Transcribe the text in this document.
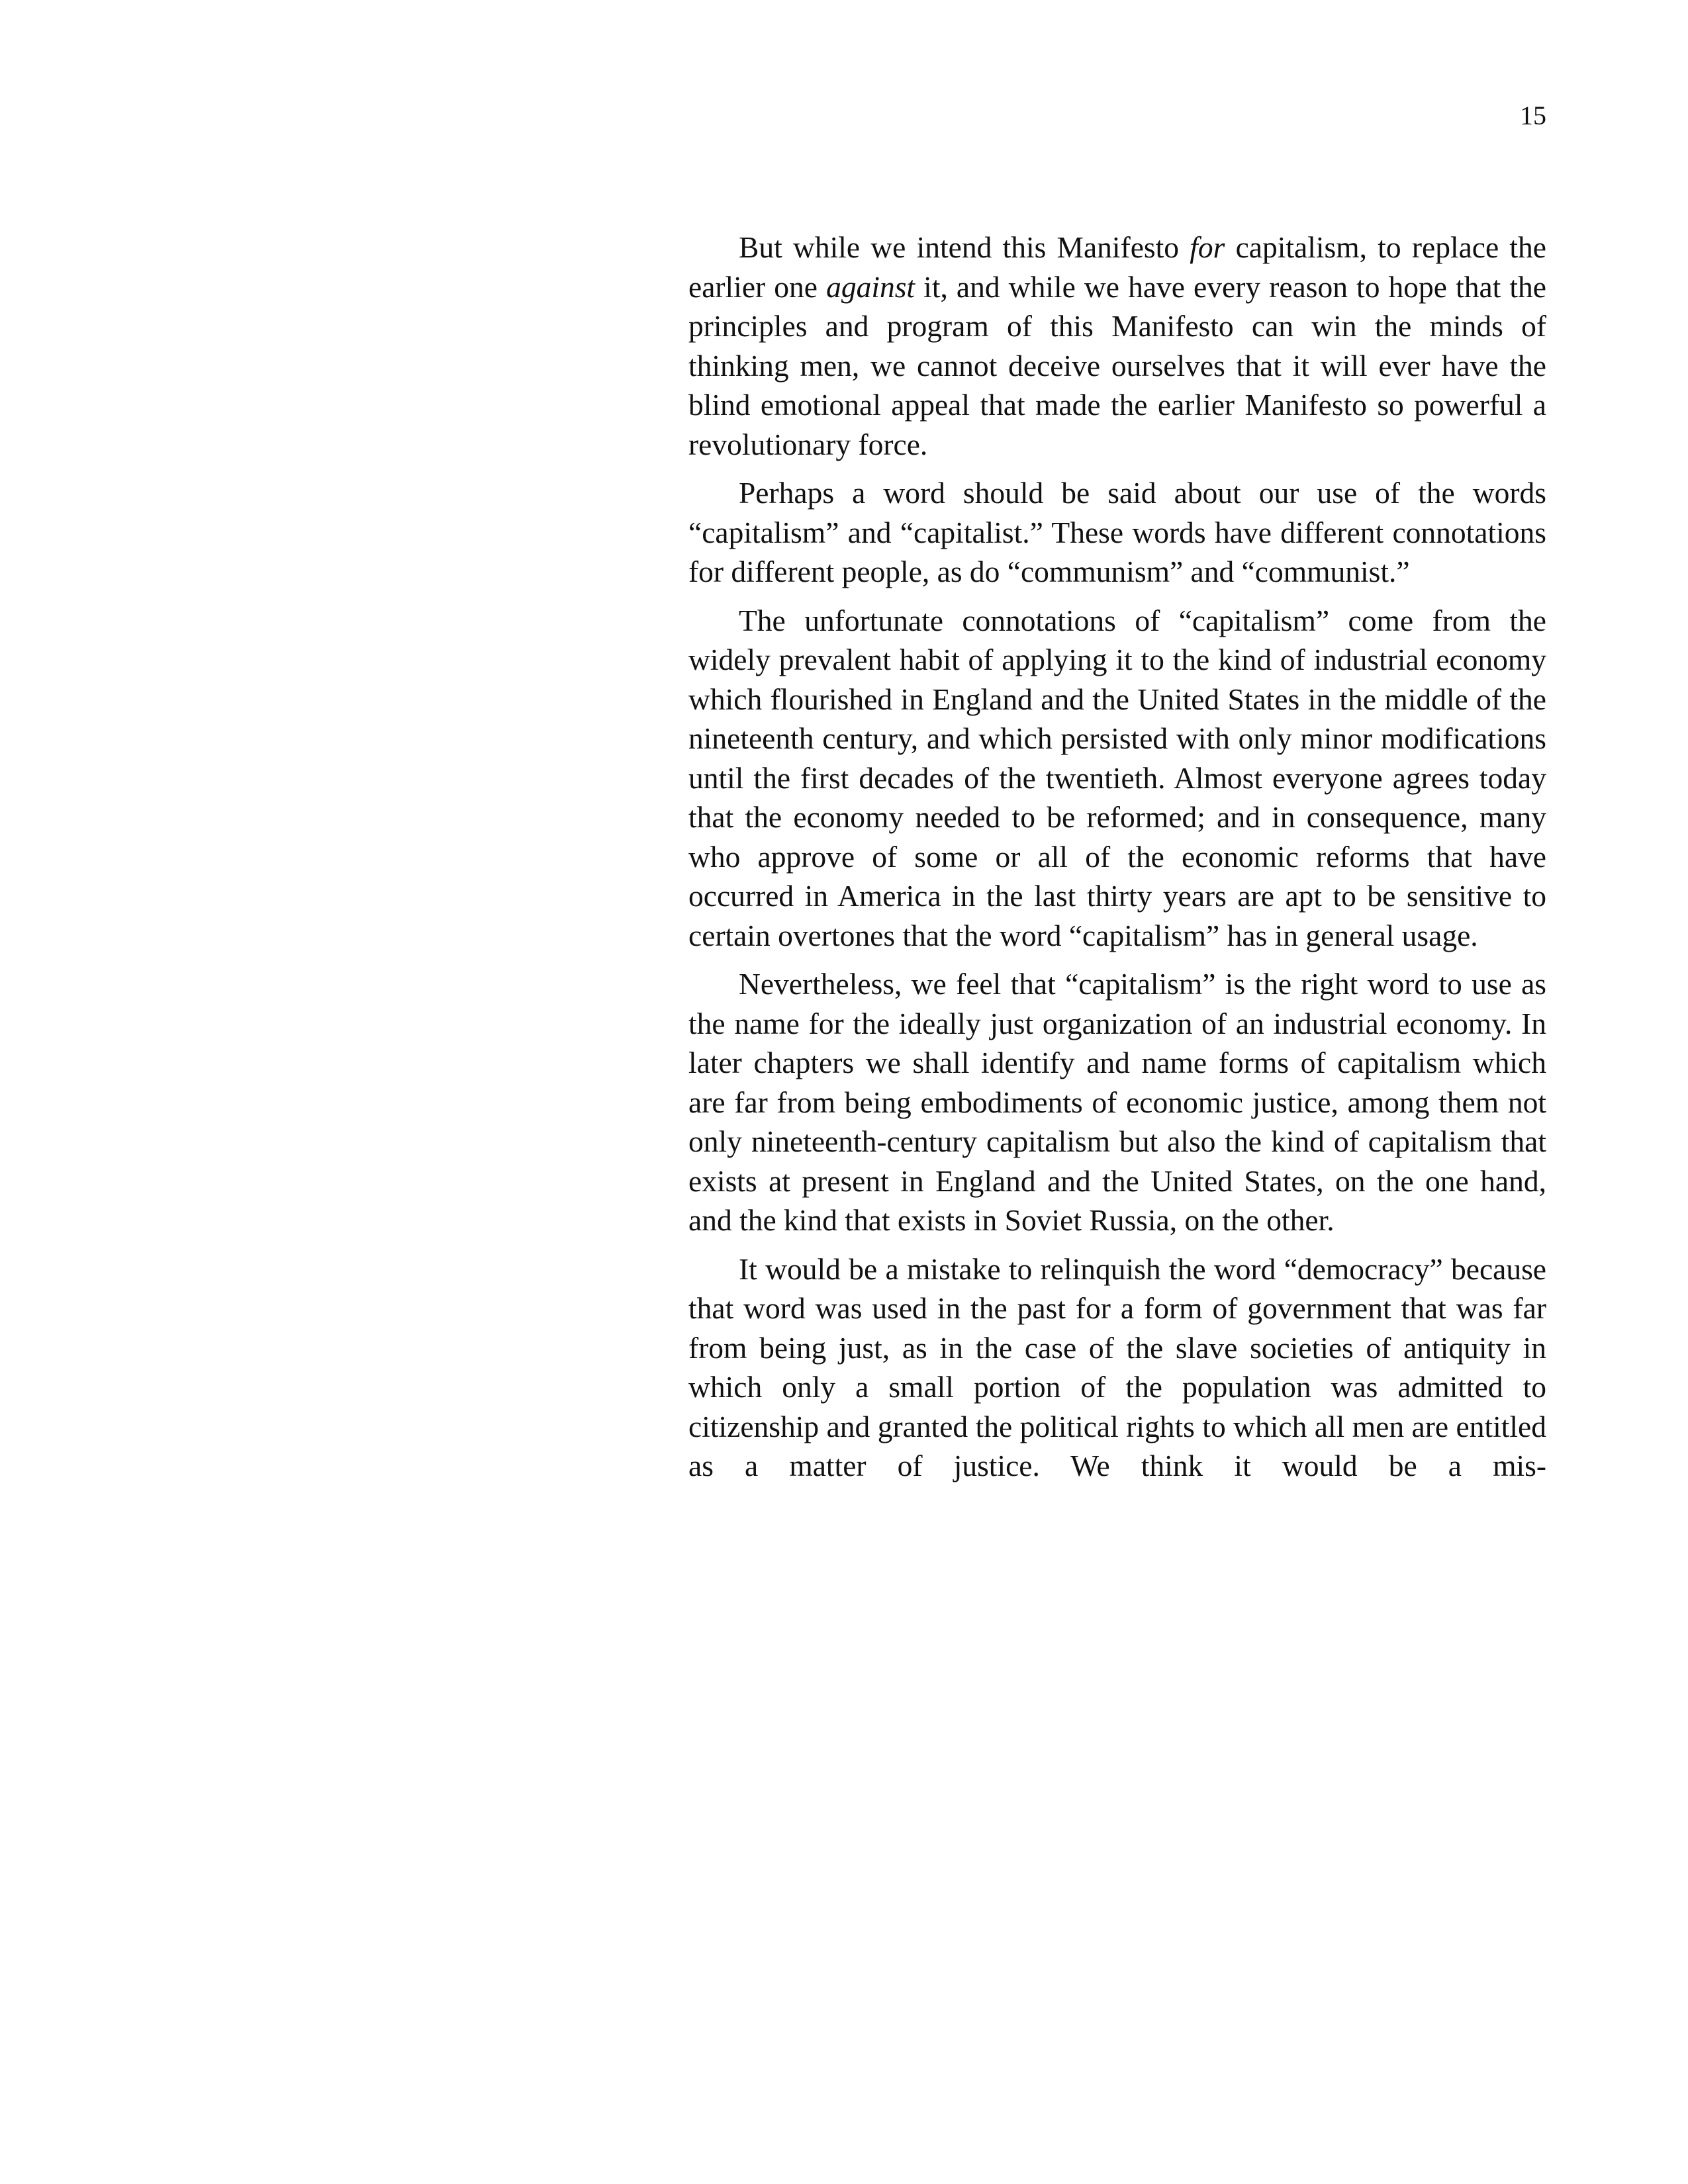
15

But while we intend this Manifesto for capitalism, to replace the earlier one against it, and while we have every reason to hope that the principles and program of this Manifesto can win the minds of thinking men, we cannot deceive ourselves that it will ever have the blind emotional appeal that made the earlier Manifesto so powerful a revolutionary force.

Perhaps a word should be said about our use of the words “capitalism” and “capitalist.” These words have different connotations for different people, as do “communism” and “communist.”

The unfortunate connotations of “capitalism” come from the widely prevalent habit of applying it to the kind of industrial economy which flourished in England and the United States in the middle of the nineteenth century, and which persisted with only minor modifications until the first decades of the twentieth. Almost everyone agrees today that the economy needed to be reformed; and in consequence, many who approve of some or all of the economic reforms that have occurred in America in the last thirty years are apt to be sensitive to certain overtones that the word “capitalism” has in general usage.

Nevertheless, we feel that “capitalism” is the right word to use as the name for the ideally just organization of an industrial economy. In later chapters we shall identify and name forms of capitalism which are far from being embodiments of economic justice, among them not only nineteenth-century capitalism but also the kind of capitalism that exists at present in England and the United States, on the one hand, and the kind that exists in Soviet Russia, on the other.

It would be a mistake to relinquish the word “democracy” because that word was used in the past for a form of government that was far from being just, as in the case of the slave societies of antiquity in which only a small portion of the population was admitted to citizenship and granted the political rights to which all men are entitled as a matter of justice. We think it would be a mis-
